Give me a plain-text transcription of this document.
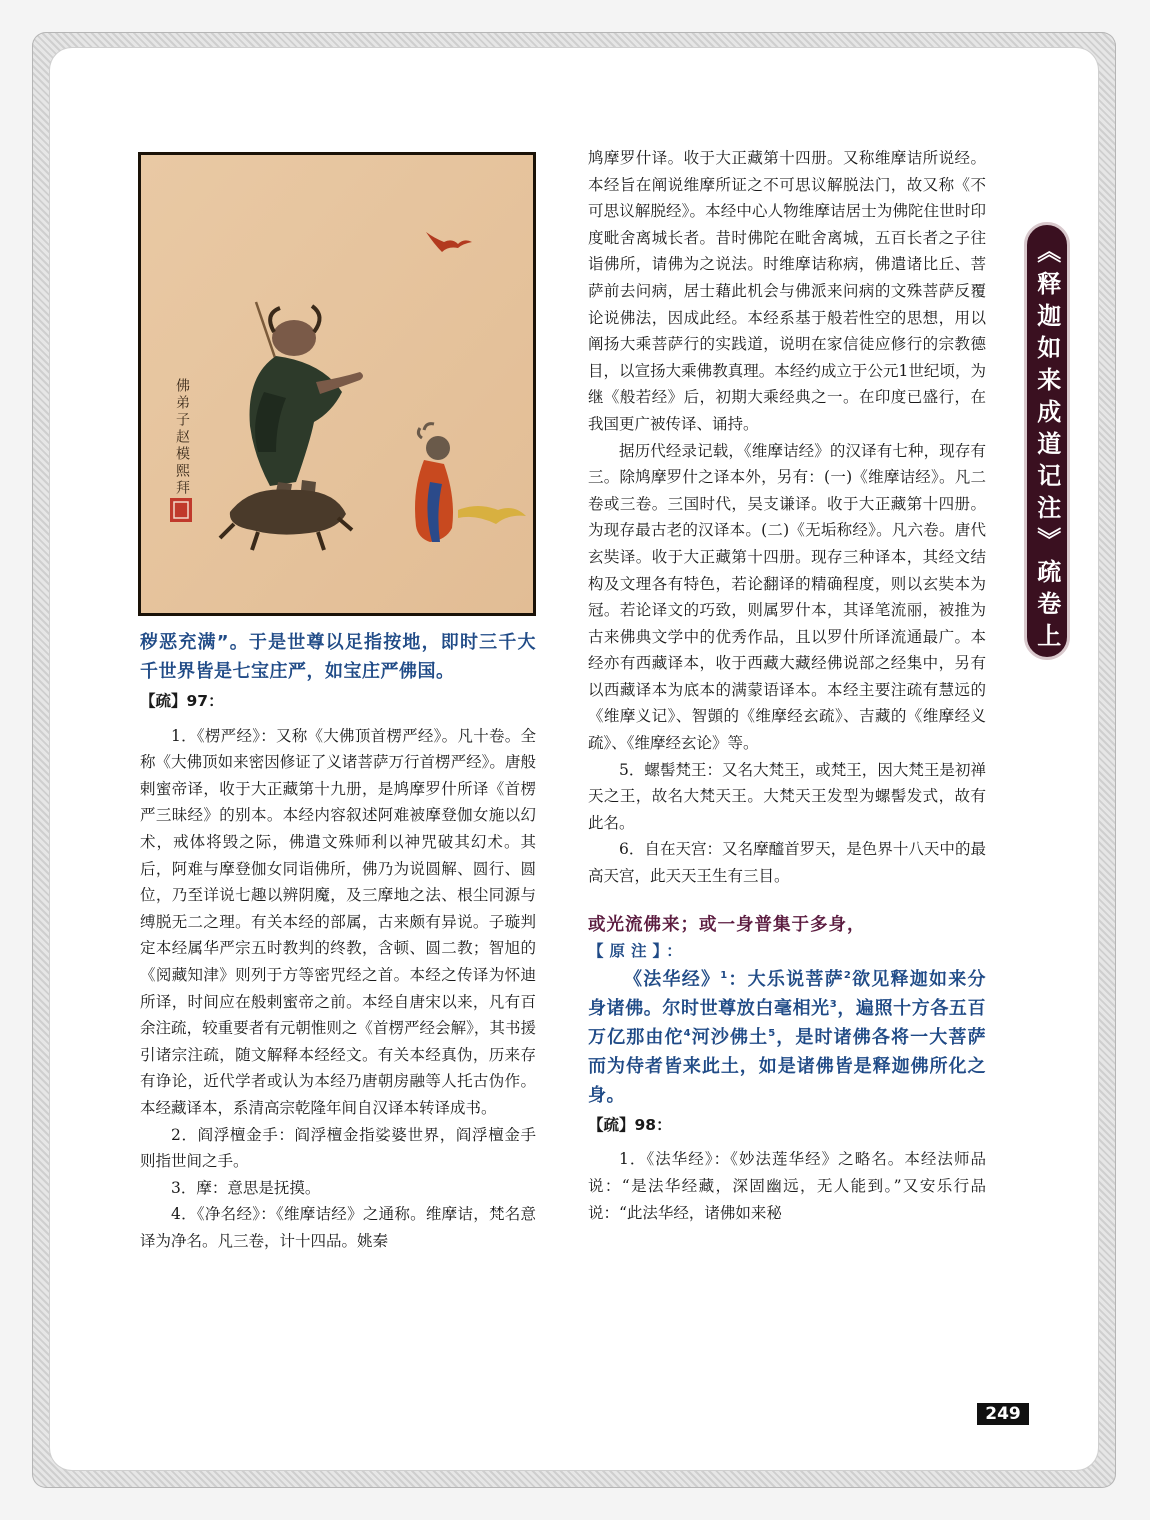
佛弟子赵模熙拜

秽恶充满”。于是世尊以足指按地，即时三千大千世界皆是七宝庄严，如宝庄严佛国。

【疏】97：

1．《楞严经》：又称《大佛顶首楞严经》。凡十卷。全称《大佛顶如来密因修证了义诸菩萨万行首楞严经》。唐般剌蜜帝译，收于大正藏第十九册，是鸠摩罗什所译《首楞严三昧经》的别本。本经内容叙述阿难被摩登伽女施以幻术，戒体将毁之际，佛遣文殊师利以神咒破其幻术。其后，阿难与摩登伽女同诣佛所，佛乃为说圆解、圆行、圆位，乃至详说七趣以辨阴魔，及三摩地之法、根尘同源与缚脱无二之理。有关本经的部属，古来颇有异说。子璇判定本经属华严宗五时教判的终教，含顿、圆二教；智旭的《阅藏知津》则列于方等密咒经之首。本经之传译为怀迪所译，时间应在般剌蜜帝之前。本经自唐宋以来，凡有百余注疏，较重要者有元朝惟则之《首楞严经会解》，其书援引诸宗注疏，随文解释本经经文。有关本经真伪，历来存有诤论，近代学者或认为本经乃唐朝房融等人托古伪作。本经藏译本，系清高宗乾隆年间自汉译本转译成书。

2．阎浮檀金手：阎浮檀金指娑婆世界，阎浮檀金手则指世间之手。

3．摩：意思是抚摸。

4．《净名经》：《维摩诘经》之通称。维摩诘，梵名意译为净名。凡三卷，计十四品。姚秦

鸠摩罗什译。收于大正藏第十四册。又称维摩诘所说经。本经旨在阐说维摩所证之不可思议解脱法门，故又称《不可思议解脱经》。本经中心人物维摩诘居士为佛陀住世时印度毗舍离城长者。昔时佛陀在毗舍离城，五百长者之子往诣佛所，请佛为之说法。时维摩诘称病，佛遣诸比丘、菩萨前去问病，居士藉此机会与佛派来问病的文殊菩萨反覆论说佛法，因成此经。本经系基于般若性空的思想，用以阐扬大乘菩萨行的实践道，说明在家信徒应修行的宗教德目，以宣扬大乘佛教真理。本经约成立于公元1世纪顷，为继《般若经》后，初期大乘经典之一。在印度已盛行，在我国更广被传译、诵持。

据历代经录记载，《维摩诘经》的汉译有七种，现存有三。除鸠摩罗什之译本外，另有：(一)《维摩诘经》。凡二卷或三卷。三国时代，吴支谦译。收于大正藏第十四册。为现存最古老的汉译本。(二)《无垢称经》。凡六卷。唐代玄奘译。收于大正藏第十四册。现存三种译本，其经文结构及文理各有特色，若论翻译的精确程度，则以玄奘本为冠。若论译文的巧致，则属罗什本，其译笔流丽，被推为古来佛典文学中的优秀作品，且以罗什所译流通最广。本经亦有西藏译本，收于西藏大藏经佛说部之经集中，另有以西藏译本为底本的满蒙语译本。本经主要注疏有慧远的《维摩义记》、智顗的《维摩经玄疏》、吉藏的《维摩经义疏》、《维摩经玄论》等。

5．螺髻梵王：又名大梵王，或梵王，因大梵王是初禅天之王，故名大梵天王。大梵天王发型为螺髻发式，故有此名。

6．自在天宫：又名摩醯首罗天，是色界十八天中的最高天宫，此天天王生有三目。

或光流佛来；或一身普集于多身，

【原注】：

《法华经》$^1$：大乐说菩萨$^2$欲见释迦如来分身诸佛。尔时世尊放白毫相光$^3$，遍照十方各五百万亿那由佗$^4$河沙佛土$^5$，是时诸佛各将一大菩萨而为侍者皆来此土，如是诸佛皆是释迦佛所化之身。

【疏】98：

1．《法华经》：《妙法莲华经》之略名。本经法师品说：“是法华经藏，深固幽远，无人能到。”又安乐行品说：“此法华经，诸佛如来秘

《释迦如来成道记注》疏卷上
249
